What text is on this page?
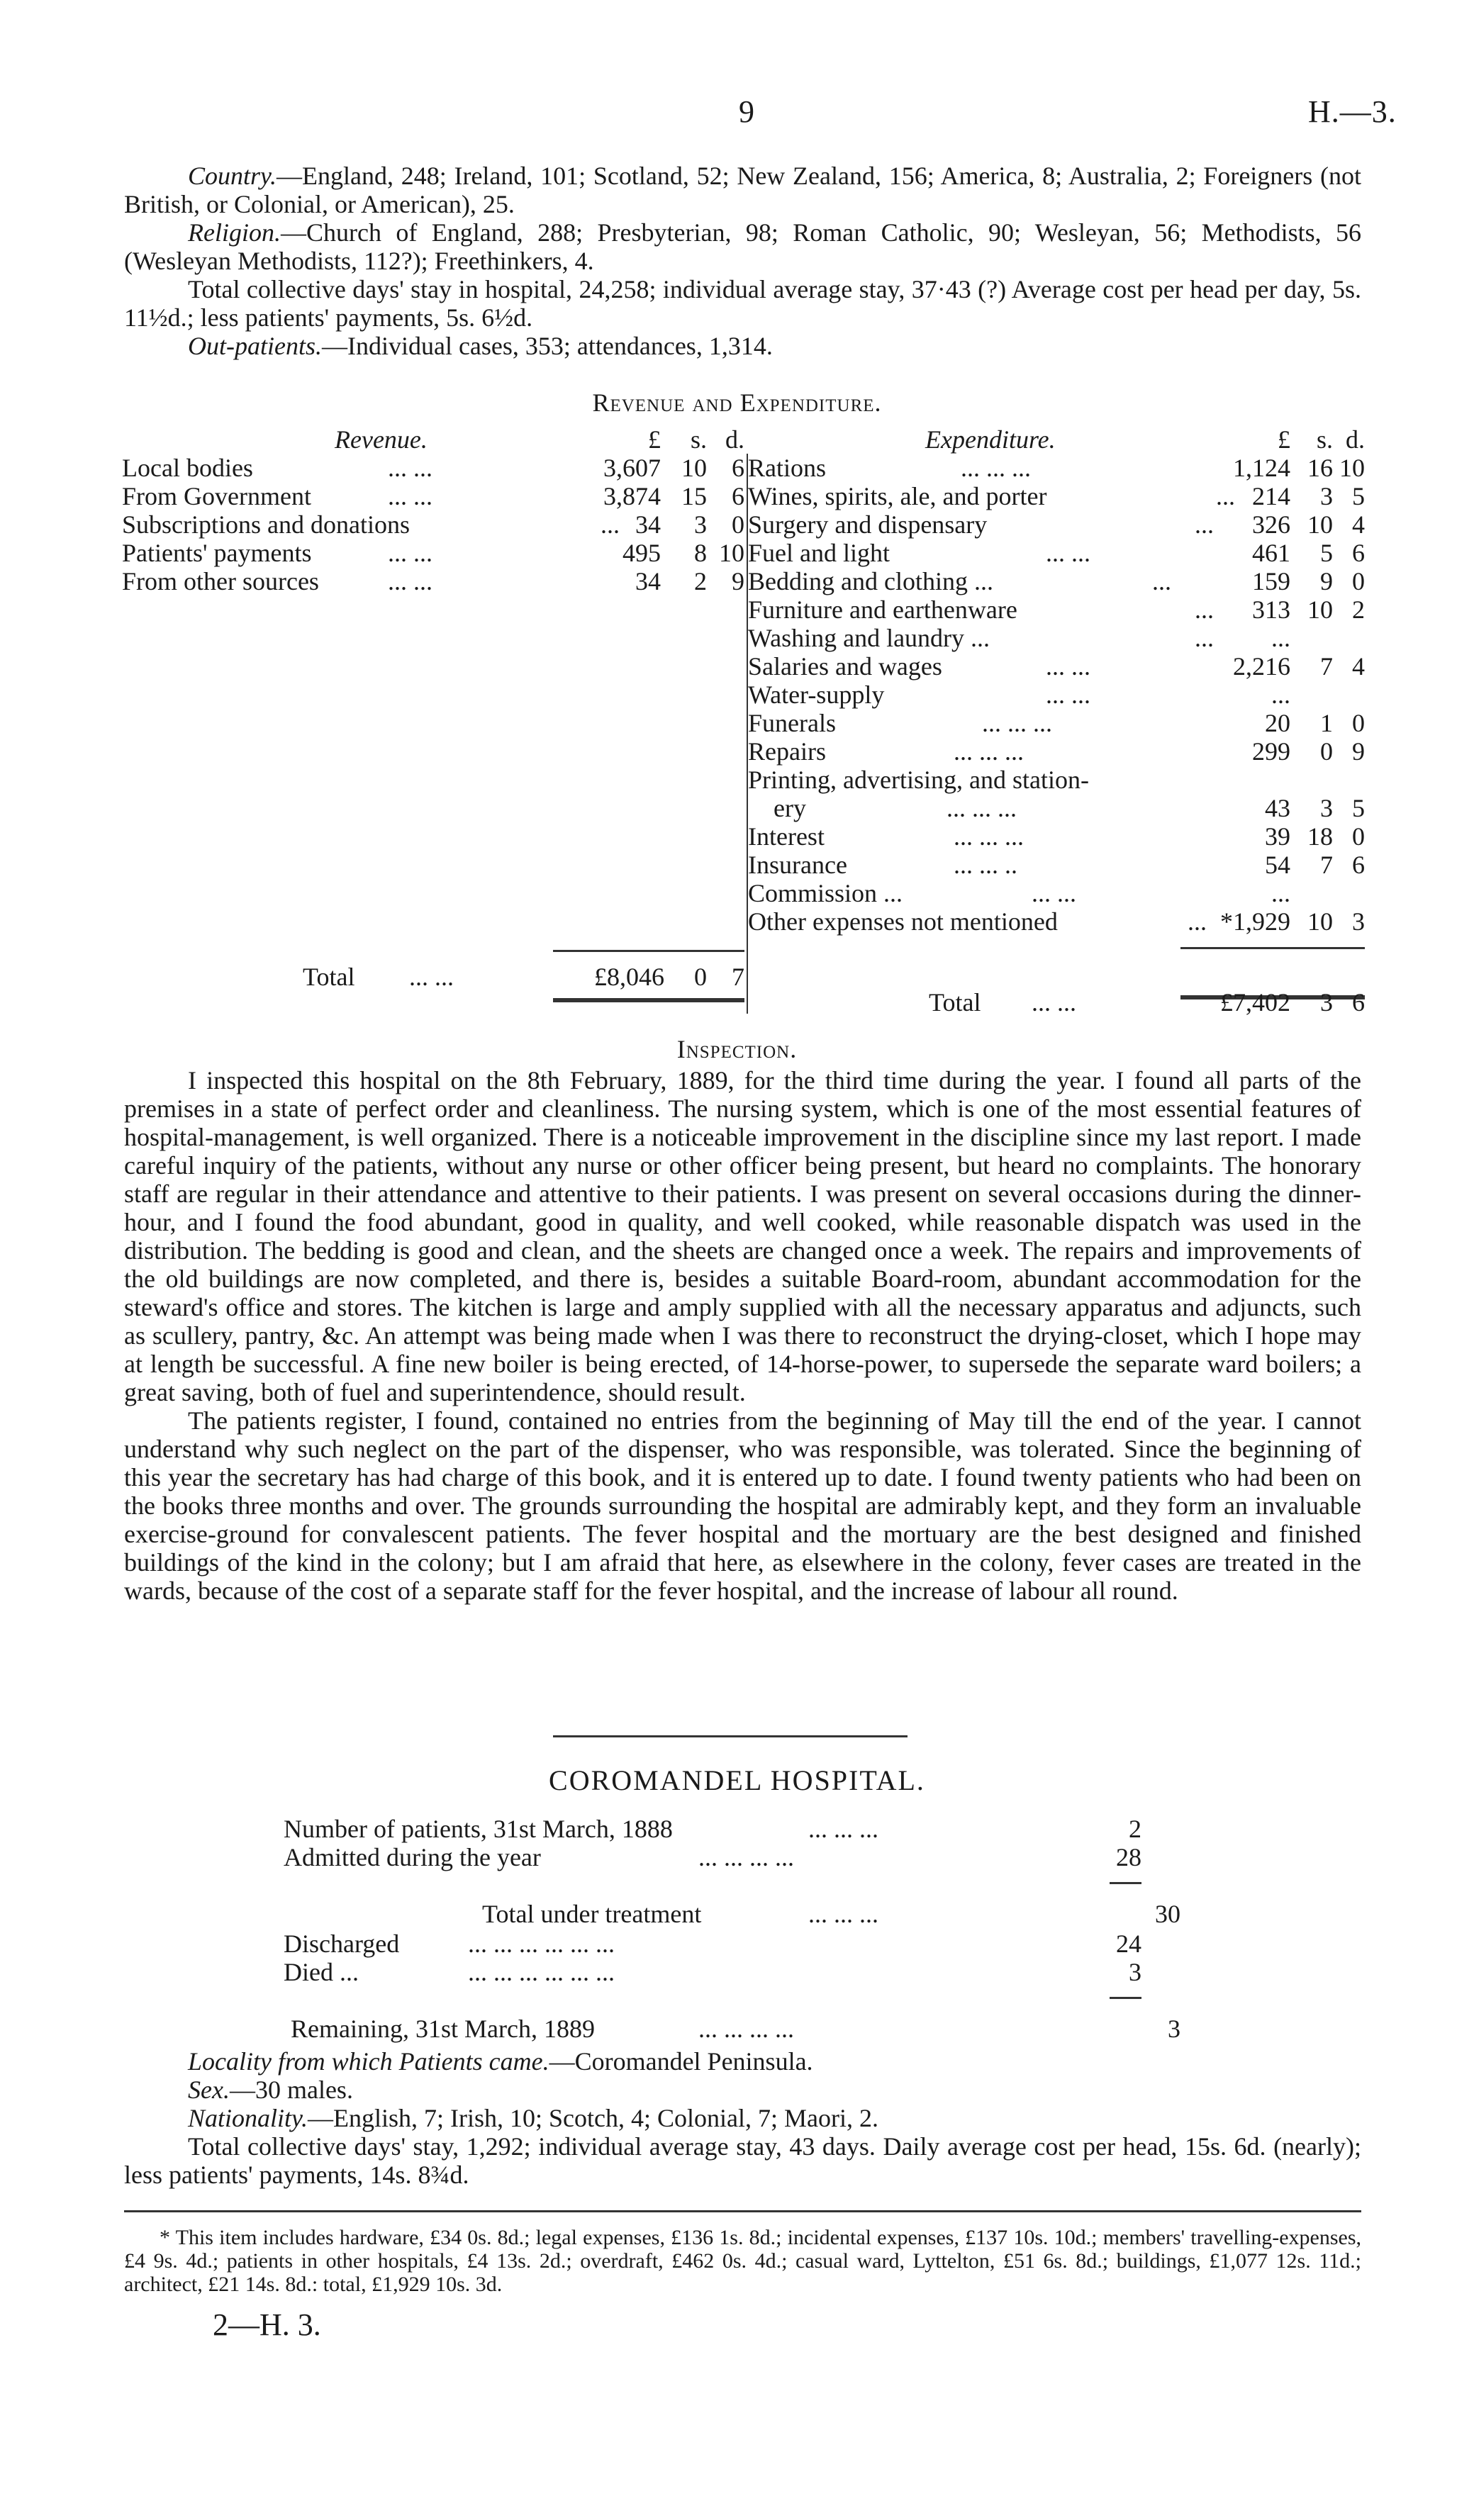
9	H.—3.

Country.—England, 248; Ireland, 101; Scotland, 52; New Zealand, 156; America, 8; Australia, 2; Foreigners (not British, or Colonial, or American), 25.

Religion.—Church of England, 288; Presbyterian, 98; Roman Catholic, 90; Wesleyan, 56; Methodists, 56 (Wesleyan Methodists, 112?); Freethinkers, 4.

Total collective days' stay in hospital, 24,258; individual average stay, 37·43 (?) Average cost per head per day, 5s. 11½d.; less patients' payments, 5s. 6½d.

Out-patients.—Individual cases, 353; attendances, 1,314.

Revenue and Expenditure.
Revenue.	£	s. d.
Local bodies	... ...	3,607 10 6
From Government	... ...	3,874 15 6
Subscriptions and donations	... 34	3 0
Patients' payments	... ...	495	8 10
From other sources	... ...	34	2 9
Expenditure.	£	s. d.
Rations	... ... ...	1,124 16 10
Wines, spirits, ale, and porter	... 214	3 5
Surgery and dispensary	...	326 10 4
Fuel and light	... ...	461	5 6
Bedding and clothing ...	...	159	9 0
Furniture and earthenware	...	313 10 2
Washing and laundry ...	...	...
Salaries and wages	... ...	2,216	7 4
Water-supply	... ...	...
Funerals	... ... ...	20	1 0
Repairs	... ... ...	299	0 9
Printing, advertising, and station-
ery	... ... ...	43	3 5
Interest	... ... ...	39 18 0
Insurance	... ... ..	54	7 6
Commission ...	... ...	...
Other expenses not mentioned	... *1,929 10 3
Total ... ...	£8,046	0 7
Total ... ...	£7,402	3 6
Inspection.

I inspected this hospital on the 8th February, 1889, for the third time during the year. I found all parts of the premises in a state of perfect order and cleanliness. The nursing system, which is one of the most essential features of hospital-management, is well organized. There is a noticeable improvement in the discipline since my last report. I made careful inquiry of the patients, without any nurse or other officer being present, but heard no complaints. The honorary staff are regular in their attendance and attentive to their patients. I was present on several occasions during the dinner-hour, and I found the food abundant, good in quality, and well cooked, while reasonable dispatch was used in the distribution. The bedding is good and clean, and the sheets are changed once a week. The repairs and improvements of the old buildings are now completed, and there is, besides a suitable Board-room, abundant accommodation for the steward's office and stores. The kitchen is large and amply supplied with all the necessary apparatus and adjuncts, such as scullery, pantry, &c. An attempt was being made when I was there to reconstruct the drying-closet, which I hope may at length be successful. A fine new boiler is being erected, of 14-horse-power, to supersede the separate ward boilers; a great saving, both of fuel and superintendence, should result.

The patients register, I found, contained no entries from the beginning of May till the end of the year. I cannot understand why such neglect on the part of the dispenser, who was responsible, was tolerated. Since the beginning of this year the secretary has had charge of this book, and it is entered up to date. I found twenty patients who had been on the books three months and over. The grounds surrounding the hospital are admirably kept, and they form an invaluable exercise-ground for convalescent patients. The fever hospital and the mortuary are the best designed and finished buildings of the kind in the colony; but I am afraid that here, as elsewhere in the colony, fever cases are treated in the wards, because of the cost of a separate staff for the fever hospital, and the increase of labour all round.

COROMANDEL HOSPITAL.
Number of patients, 31st March, 1888	... ... ...	2
Admitted during the year	... ... ... ...	28
Total under treatment	... ... ...	30
Discharged	... ... ... ... ... ...	24
Died ...	... ... ... ... ... ...	3
Remaining, 31st March, 1889	... ... ... ...	3

Locality from which Patients came.—Coromandel Peninsula.

Sex.—30 males.

Nationality.—English, 7; Irish, 10; Scotch, 4; Colonial, 7; Maori, 2.

Total collective days' stay, 1,292; individual average stay, 43 days. Daily average cost per head, 15s. 6d. (nearly); less patients' payments, 14s. 8¾d.

* This item includes hardware, £34 0s. 8d.; legal expenses, £136 1s. 8d.; incidental expenses, £137 10s. 10d.; members' travelling-expenses, £4 9s. 4d.; patients in other hospitals, £4 13s. 2d.; overdraft, £462 0s. 4d.; casual ward, Lyttelton, £51 6s. 8d.; buildings, £1,077 12s. 11d.; architect, £21 14s. 8d.: total, £1,929 10s. 3d.
2—H. 3.
